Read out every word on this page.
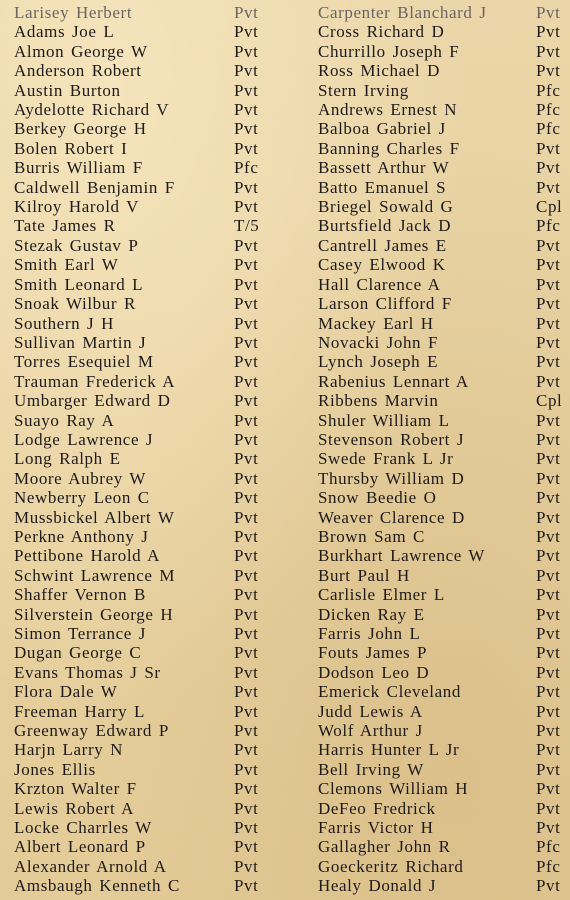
Larisey Herbert	Pvt	Carpenter Blanchard J	Pvt
Adams Joe L	Pvt	Cross Richard D	Pvt
Almon George W	Pvt	Churrillo Joseph F	Pvt
Anderson Robert	Pvt	Ross Michael D	Pvt
Austin Burton	Pvt	Stern Irving	Pfc
Aydelotte Richard V	Pvt	Andrews Ernest N	Pfc
Berkey George H	Pvt	Balboa Gabriel J	Pfc
Bolen Robert I	Pvt	Banning Charles F	Pvt
Burris William F	Pfc	Bassett Arthur W	Pvt
Caldwell Benjamin F	Pvt	Batto Emanuel S	Pvt
Kilroy Harold V	Pvt	Briegel Sowald G	Cpl
Tate James R	T/5	Burtsfield Jack D	Pfc
Stezak Gustav P	Pvt	Cantrell James E	Pvt
Smith Earl W	Pvt	Casey Elwood K	Pvt
Smith Leonard L	Pvt	Hall Clarence A	Pvt
Snoak Wilbur R	Pvt	Larson Clifford F	Pvt
Southern J H	Pvt	Mackey Earl H	Pvt
Sullivan Martin J	Pvt	Novacki John F	Pvt
Torres Esequiel M	Pvt	Lynch Joseph E	Pvt
Trauman Frederick A	Pvt	Rabenius Lennart A	Pvt
Umbarger Edward D	Pvt	Ribbens Marvin	Cpl
Suayo Ray A	Pvt	Shuler William L	Pvt
Lodge Lawrence J	Pvt	Stevenson Robert J	Pvt
Long Ralph E	Pvt	Swede Frank L Jr	Pvt
Moore Aubrey W	Pvt	Thursby William D	Pvt
Newberry Leon C	Pvt	Snow Beedie O	Pvt
Mussbickel Albert W	Pvt	Weaver Clarence D	Pvt
Perkne Anthony J	Pvt	Brown Sam C	Pvt
Pettibone Harold A	Pvt	Burkhart Lawrence W	Pvt
Schwint Lawrence M	Pvt	Burt Paul H	Pvt
Shaffer Vernon B	Pvt	Carlisle Elmer L	Pvt
Silverstein George H	Pvt	Dicken Ray E	Pvt
Simon Terrance J	Pvt	Farris John L	Pvt
Dugan George C	Pvt	Fouts James P	Pvt
Evans Thomas J Sr	Pvt	Dodson Leo D	Pvt
Flora Dale W	Pvt	Emerick Cleveland	Pvt
Freeman Harry L	Pvt	Judd Lewis A	Pvt
Greenway Edward P	Pvt	Wolf Arthur J	Pvt
Harjn Larry N	Pvt	Harris Hunter L Jr	Pvt
Jones Ellis	Pvt	Bell Irving W	Pvt
Krzton Walter F	Pvt	Clemons William H	Pvt
Lewis Robert A	Pvt	DeFeo Fredrick	Pvt
Locke Charrles W	Pvt	Farris Victor H	Pvt
Albert Leonard P	Pvt	Gallagher John R	Pfc
Alexander Arnold A	Pvt	Goeckeritz Richard	Pfc
Amsbaugh Kenneth C	Pvt	Healy Donald J	Pvt
